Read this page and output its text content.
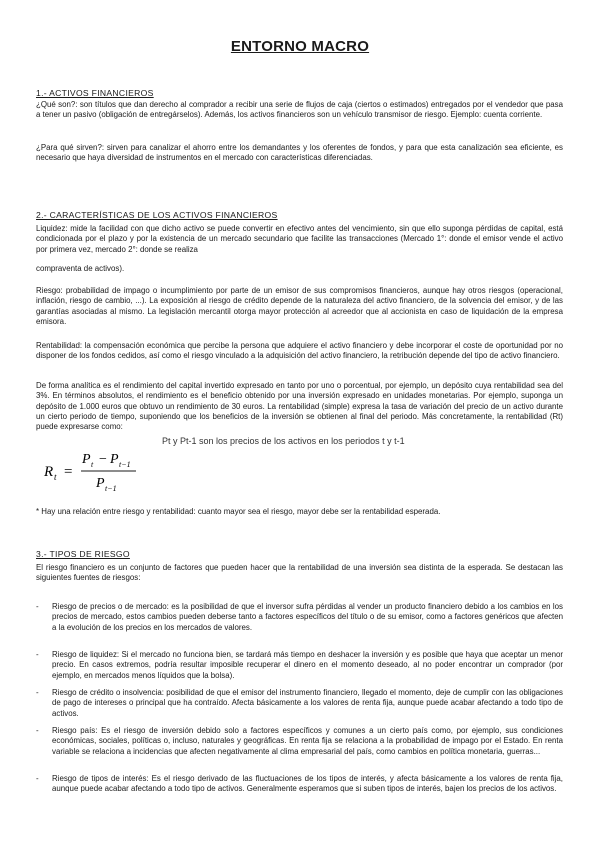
ENTORNO MACRO
1.- ACTIVOS FINANCIEROS

¿Qué son?: son títulos que dan derecho al comprador a recibir una serie de flujos de caja (ciertos o estimados) entregados por el vendedor que pasa a tener un pasivo (obligación de entregárselos). Además, los activos financieros son un vehículo transmisor de riesgo. Ejemplo: cuenta corriente.

¿Para qué sirven?: sirven para canalizar el ahorro entre los demandantes y los oferentes de fondos, y para que esta canalización sea eficiente, es necesario que haya diversidad de instrumentos en el mercado con características diferenciadas.

2.- CARACTERÍSTICAS DE LOS ACTIVOS FINANCIEROS

Liquidez: mide la facilidad con que dicho activo se puede convertir en efectivo antes del vencimiento, sin que ello suponga pérdidas de capital, está condicionada por el plazo y por la existencia de un mercado secundario que facilite las transacciones (Mercado 1°: donde el emisor vende el activo por primera vez, mercado 2°: donde se realiza

compraventa de activos).

Riesgo: probabilidad de impago o incumplimiento por parte de un emisor de sus compromisos financieros, aunque hay otros riesgos (operacional, inflación, riesgo de cambio, ...). La exposición al riesgo de crédito depende de la naturaleza del activo financiero, de la solvencia del emisor, y de las garantías asociadas al mismo. La legislación mercantil otorga mayor protección al acreedor que al accionista en caso de liquidación de la empresa emisora.

Rentabilidad: la compensación económica que percibe la persona que adquiere el activo financiero y debe incorporar el coste de oportunidad por no disponer de los fondos cedidos, así como el riesgo vinculado a la adquisición del activo financiero, la retribución depende del tipo de activo financiero.

De forma analítica es el rendimiento del capital invertido expresado en tanto por uno o porcentual, por ejemplo, un depósito cuya rentabilidad sea del 3%. En términos absolutos, el rendimiento es el beneficio obtenido por una inversión expresado en unidades monetarias. Por ejemplo, suponga un depósito de 1.000 euros que obtuvo un rendimiento de 30 euros. La rentabilidad (simple) expresa la tasa de variación del precio de un activo durante un cierto periodo de tiempo, suponiendo que los beneficios de la inversión se obtienen al final del periodo. Más concretamente, la rentabilidad (Rt) puede expresarse como:

R t =
P t − P t−1
P t−1
Pt y Pt-1 son los precios de los activos en los periodos t y t-1

* Hay una relación entre riesgo y rentabilidad: cuanto mayor sea el riesgo, mayor debe ser la rentabilidad esperada.

3.- TIPOS DE RIESGO

El riesgo financiero es un conjunto de factores que pueden hacer que la rentabilidad de una inversión sea distinta de la esperada. Se destacan las siguientes fuentes de riesgos:

- Riesgo de precios o de mercado: es la posibilidad de que el inversor sufra pérdidas al vender un producto financiero debido a los cambios en los precios de mercado, estos cambios pueden deberse tanto a factores específicos del título o de su emisor, como a factores genéricos que afecten a la evolución de los precios en los mercados de valores.
- Riesgo de liquidez: Si el mercado no funciona bien, se tardará más tiempo en deshacer la inversión y es posible que haya que aceptar un menor precio. En casos extremos, podría resultar imposible recuperar el dinero en el momento deseado, al no poder encontrar un comprador (por ejemplo, en mercados menos líquidos que la bolsa).
- Riesgo de crédito o insolvencia: posibilidad de que el emisor del instrumento financiero, llegado el momento, deje de cumplir con las obligaciones de pago de intereses o principal que ha contraído. Afecta básicamente a los valores de renta fija, aunque puede acabar afectando a todo tipo de activos.
- Riesgo país: Es el riesgo de inversión debido solo a factores específicos y comunes a un cierto país como, por ejemplo, sus condiciones económicas, sociales, políticas o, incluso, naturales y geográficas. En renta fija se relaciona a la probabilidad de impago por el Estado. En renta variable se relaciona a incidencias que afecten negativamente al clima empresarial del país, como cambios en política monetaria, guerras...
- Riesgo de tipos de interés: Es el riesgo derivado de las fluctuaciones de los tipos de interés, y afecta básicamente a los valores de renta fija, aunque puede acabar afectando a todo tipo de activos. Generalmente esperamos que si suben tipos de interés, bajen los precios de los activos.
